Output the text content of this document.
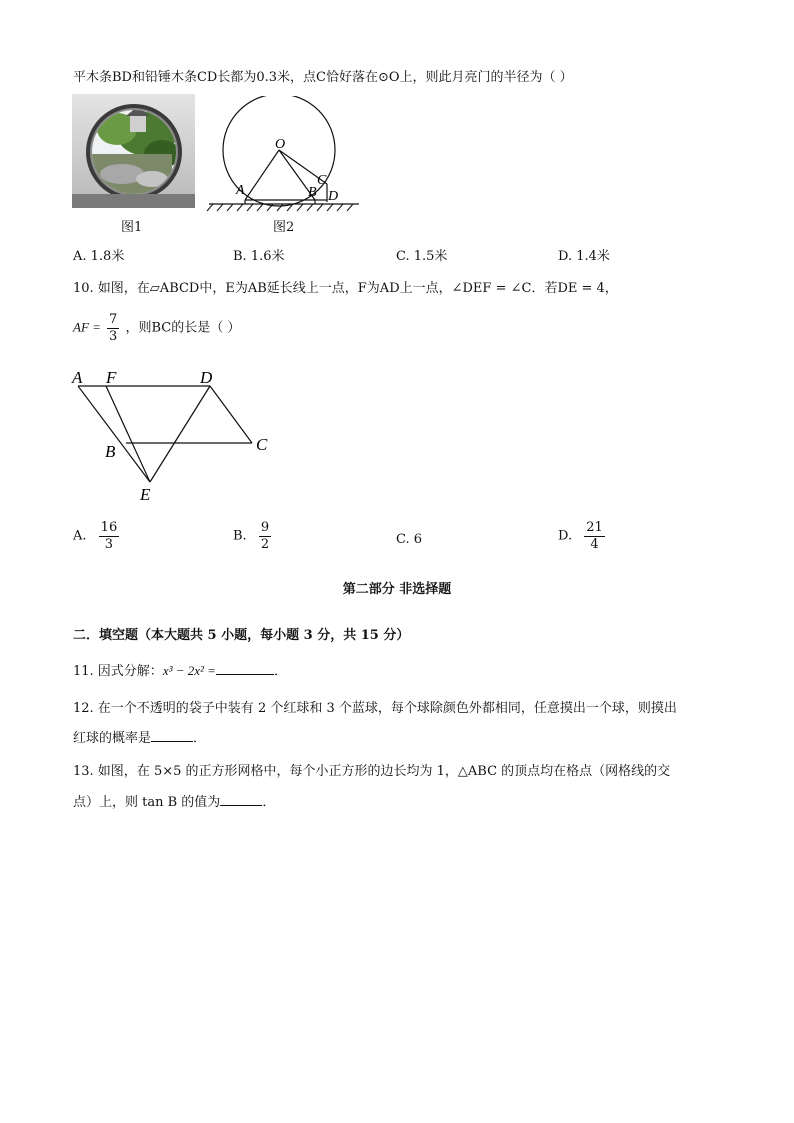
平木条BD和铅锤木条CD长都为0.3米，点C恰好落在⊙O上，则此月亮门的半径为（ ）
图1
O
A	B
C
D
图2
A. 1.8米	B. 1.6米	C. 1.5米	D. 1.4米
10. 如图，在▱ABCD中，E为AB延长线上一点，F为AD上一点，∠DEF = ∠C．若DE = 4，
AF = $\frac{7}{3}$ ，则BC的长是（ ）
A F	D
B	C
E
A. $\frac{16}{3}$	B. $\frac{9}{2}$	C. 6	D. $\frac{21}{4}$
第二部分 非选择题
二．填空题（本大题共 5 小题，每小题 3 分，共 15 分）
11. 因式分解：x³ − 2x² =	．
12. 在一个不透明的袋子中装有 2 个红球和 3 个蓝球，每个球除颜色外都相同，任意摸出一个球，则摸出
红球的概率是	．
13. 如图，在 5×5 的正方形网格中，每个小正方形的边长均为 1，△ABC 的顶点均在格点（网格线的交
点）上，则 tan B 的值为	．
